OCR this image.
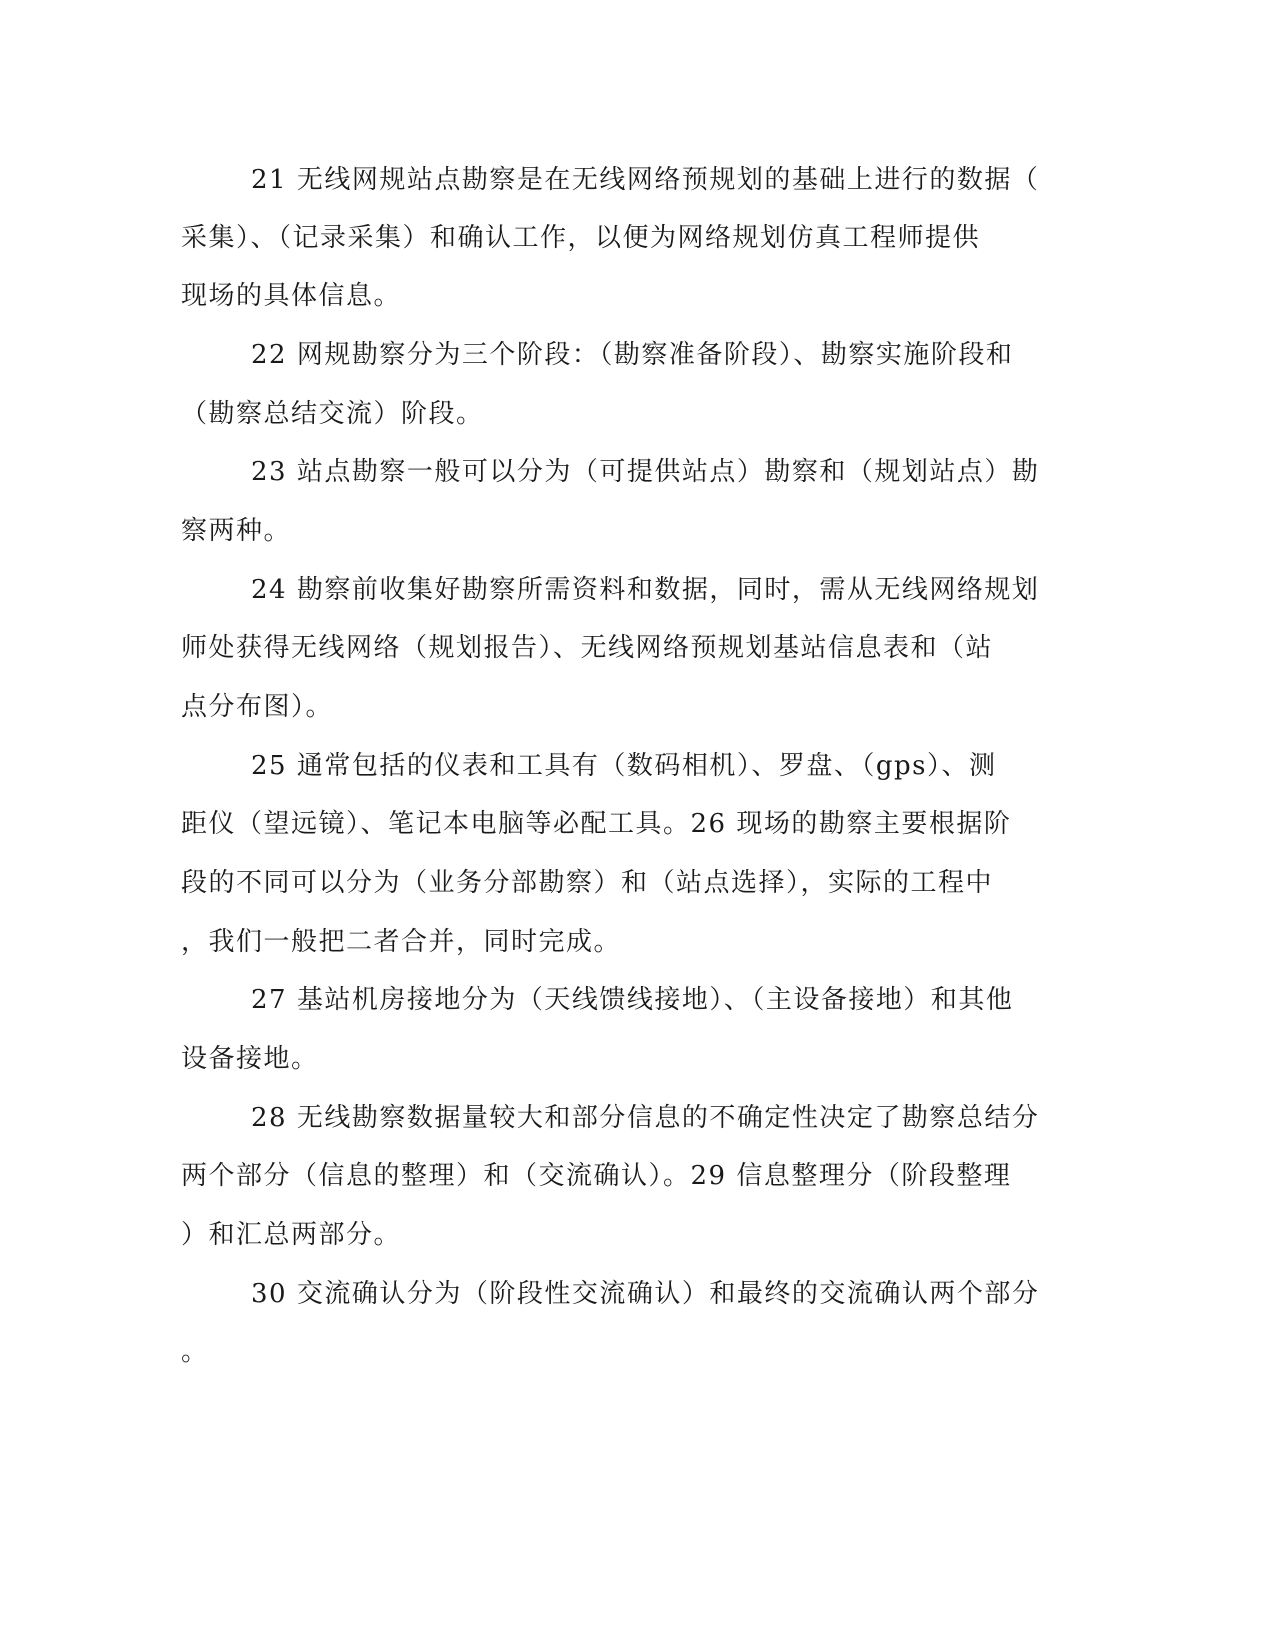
21 无线网规站点勘察是在无线网络预规划的基础上进行的数据（
采集）、（记录采集）和确认工作，以便为网络规划仿真工程师提供
现场的具体信息。
22 网规勘察分为三个阶段：（勘察准备阶段）、勘察实施阶段和
（勘察总结交流）阶段。
23 站点勘察一般可以分为（可提供站点）勘察和（规划站点）勘
察两种。
24 勘察前收集好勘察所需资料和数据，同时，需从无线网络规划
师处获得无线网络（规划报告）、无线网络预规划基站信息表和（站
点分布图）。
25 通常包括的仪表和工具有（数码相机）、罗盘、（gps）、测
距仪（望远镜）、笔记本电脑等必配工具。26 现场的勘察主要根据阶
段的不同可以分为（业务分部勘察）和（站点选择），实际的工程中
，我们一般把二者合并，同时完成。
27 基站机房接地分为（天线馈线接地）、（主设备接地）和其他
设备接地。
28 无线勘察数据量较大和部分信息的不确定性决定了勘察总结分
两个部分（信息的整理）和（交流确认）。29 信息整理分（阶段整理
）和汇总两部分。
30 交流确认分为（阶段性交流确认）和最终的交流确认两个部分
。
